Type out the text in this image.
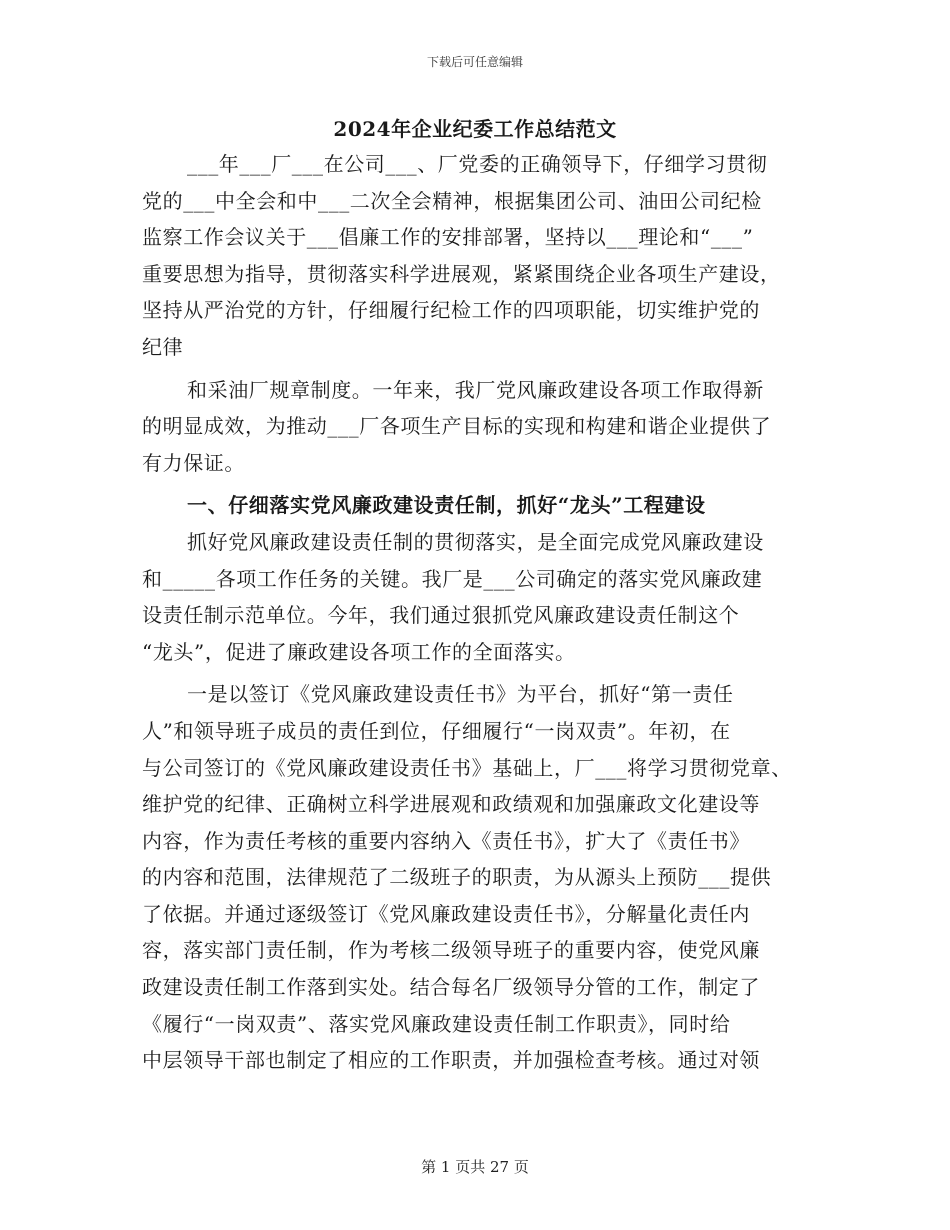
下载后可任意编辑
2024年企业纪委工作总结范文
___年___厂___在公司___、厂党委的正确领导下，仔细学习贯彻
党的___中全会和中___二次全会精神，根据集团公司、油田公司纪检
监察工作会议关于___倡廉工作的安排部署，坚持以___理论和“___”
重要思想为指导，贯彻落实科学进展观，紧紧围绕企业各项生产建设，
坚持从严治党的方针，仔细履行纪检工作的四项职能，切实维护党的
纪律
和采油厂规章制度。一年来，我厂党风廉政建设各项工作取得新
的明显成效，为推动___厂各项生产目标的实现和构建和谐企业提供了
有力保证。
一、仔细落实党风廉政建设责任制，抓好“龙头”工程建设
抓好党风廉政建设责任制的贯彻落实，是全面完成党风廉政建设
和_____各项工作任务的关键。我厂是___公司确定的落实党风廉政建
设责任制示范单位。今年，我们通过狠抓党风廉政建设责任制这个
“龙头”，促进了廉政建设各项工作的全面落实。
一是以签订《党风廉政建设责任书》为平台，抓好“第一责任
人”和领导班子成员的责任到位，仔细履行“一岗双责”。年初，在
与公司签订的《党风廉政建设责任书》基础上，厂___将学习贯彻党章、
维护党的纪律、正确树立科学进展观和政绩观和加强廉政文化建设等
内容，作为责任考核的重要内容纳入《责任书》，扩大了《责任书》
的内容和范围，法律规范了二级班子的职责，为从源头上预防___提供
了依据。并通过逐级签订《党风廉政建设责任书》，分解量化责任内
容，落实部门责任制，作为考核二级领导班子的重要内容，使党风廉
政建设责任制工作落到实处。结合每名厂级领导分管的工作，制定了
《履行“一岗双责”、落实党风廉政建设责任制工作职责》，同时给
中层领导干部也制定了相应的工作职责，并加强检查考核。通过对领
第 1 页共 27 页
